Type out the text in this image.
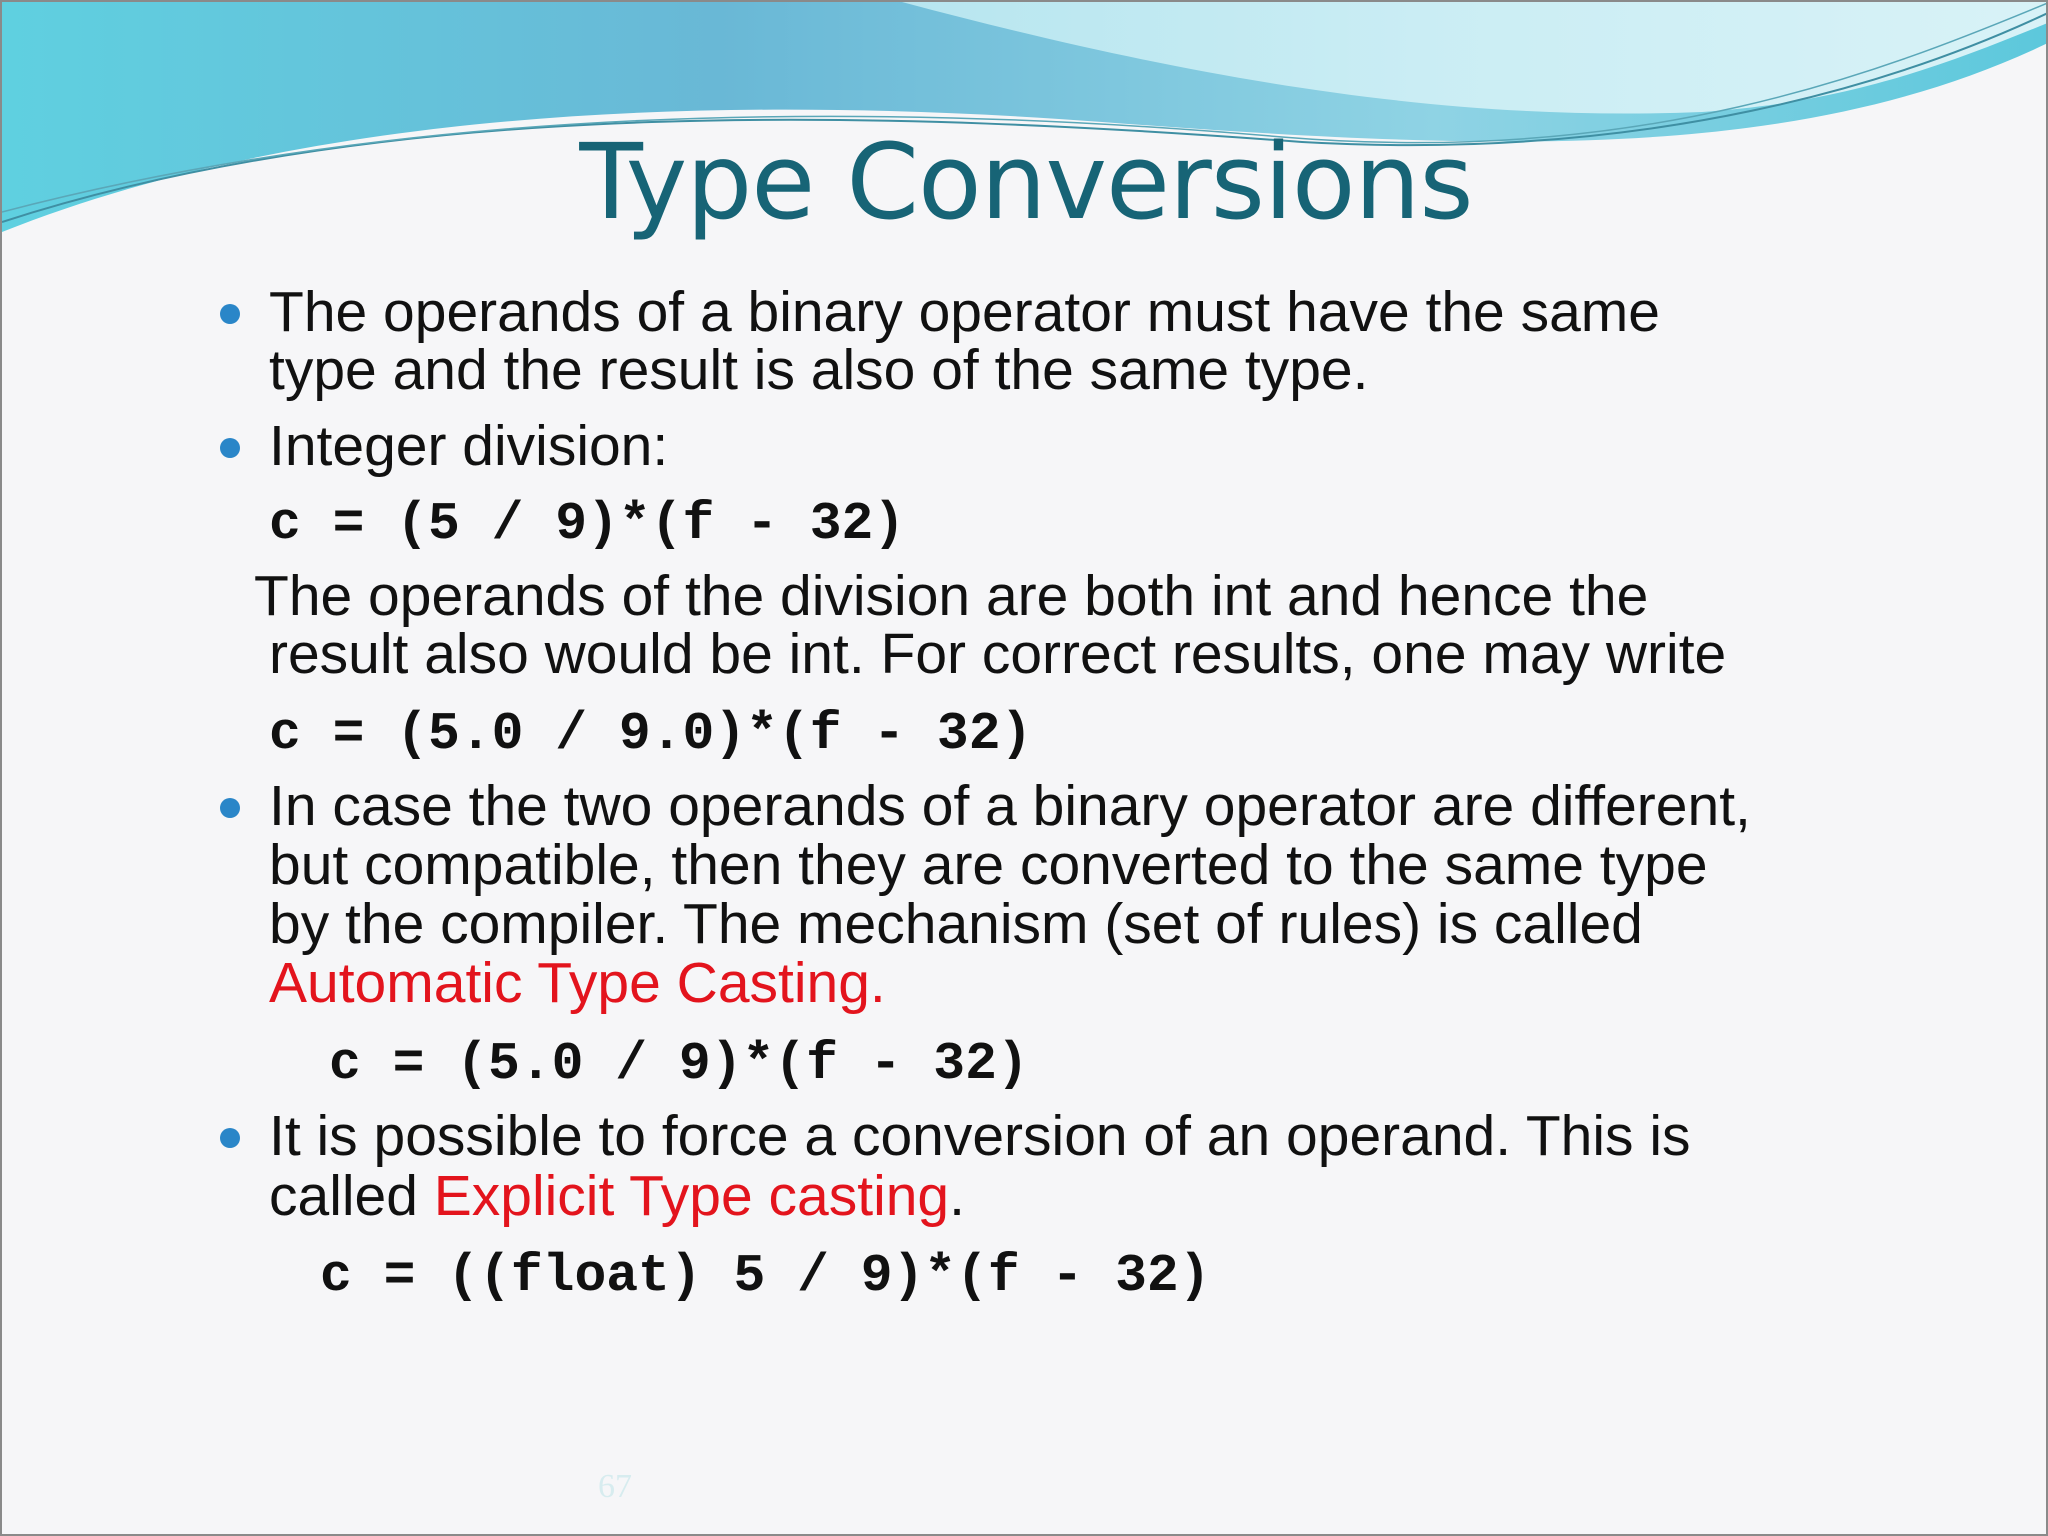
Type Conversions
The operands of a binary operator must have the same
type and the result is also of the same type.
Integer division:
c = (5 / 9)*(f - 32)
The operands of the division are both int and hence the
result also would be int. For correct results, one may write
c = (5.0 / 9.0)*(f - 32)
In case the two operands of a binary operator are different,
but compatible, then they are converted to the same type
by the compiler. The mechanism (set of rules) is called
Automatic Type Casting.
c = (5.0 / 9)*(f - 32)
It is possible to force a conversion of an operand. This is
called Explicit Type casting.
c = ((float) 5 / 9)*(f - 32)
67
